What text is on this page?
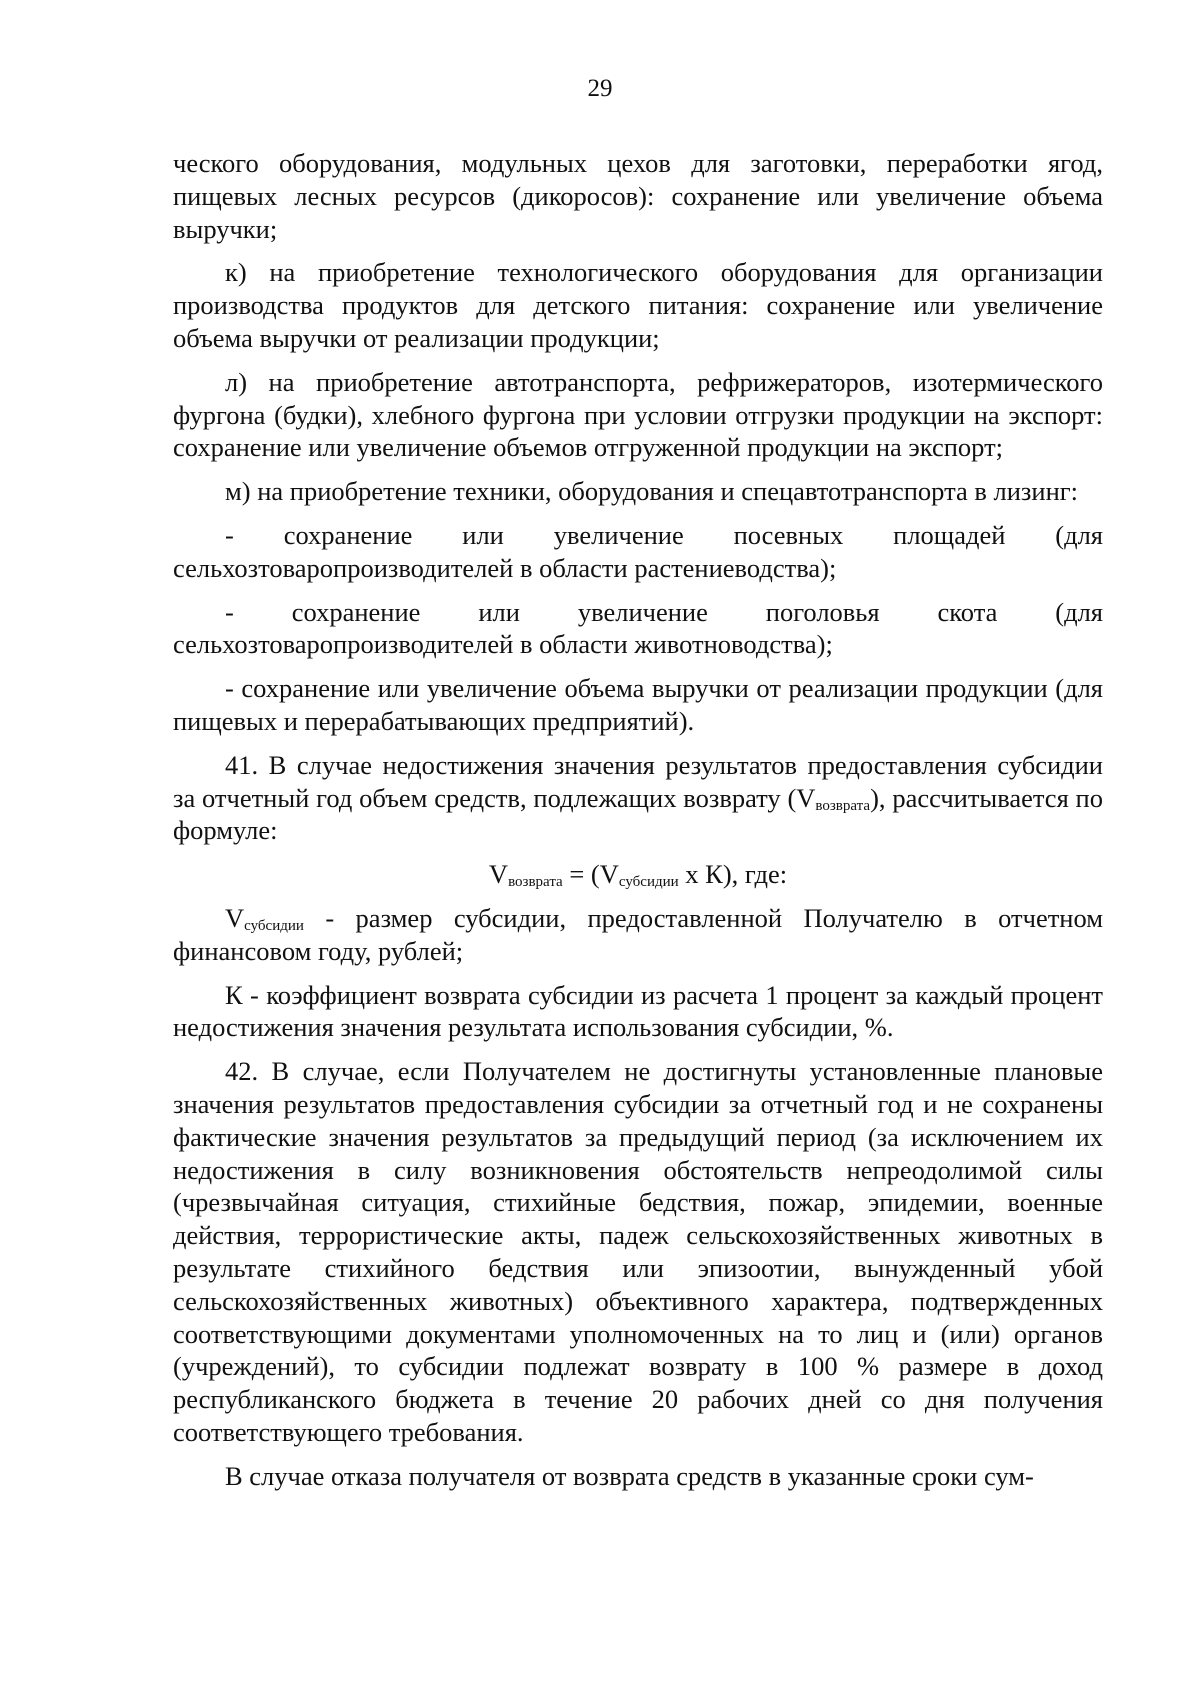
29

ческого оборудования, модульных цехов для заготовки, переработки ягод, пищевых лесных ресурсов (дикоросов): сохранение или увеличение объема выручки;

к) на приобретение технологического оборудования для организации производства продуктов для детского питания: сохранение или увеличение объема выручки от реализации продукции;

л) на приобретение автотранспорта, рефрижераторов, изотермического фургона (будки), хлебного фургона при условии отгрузки продукции на экспорт: сохранение или увеличение объемов отгруженной продукции на экспорт;

м) на приобретение техники, оборудования и спецавтотранспорта в лизинг:

- сохранение или увеличение посевных площадей (для сельхозтоваропроизводителей в области растениеводства);

- сохранение или увеличение поголовья скота (для сельхозтоваропроизводителей в области животноводства);

- сохранение или увеличение объема выручки от реализации продукции (для пищевых и перерабатывающих предприятий).

41. В случае недостижения значения результатов предоставления субсидии за отчетный год объем средств, подлежащих возврату $(V_{возврата})$, рассчитывается по формуле:

$V_{возврата} = (V_{субсидии}$ x К), где:

$V_{субсидии}$ - размер субсидии, предоставленной Получателю в отчетном финансовом году, рублей;

К - коэффициент возврата субсидии из расчета 1 процент за каждый процент недостижения значения результата использования субсидии, %.

42. В случае, если Получателем не достигнуты установленные плановые значения результатов предоставления субсидии за отчетный год и не сохранены фактические значения результатов за предыдущий период (за исключением их недостижения в силу возникновения обстоятельств непреодолимой силы (чрезвычайная ситуация, стихийные бедствия, пожар, эпидемии, военные действия, террористические акты, падеж сельскохозяйственных животных в результате стихийного бедствия или эпизоотии, вынужденный убой сельскохозяйственных животных) объективного характера, подтвержденных соответствующими документами уполномоченных на то лиц и (или) органов (учреждений), то субсидии подлежат возврату в 100 % размере в доход республиканского бюджета в течение 20 рабочих дней со дня получения соответствующего требования.

В случае отказа получателя от возврата средств в указанные сроки сум-
